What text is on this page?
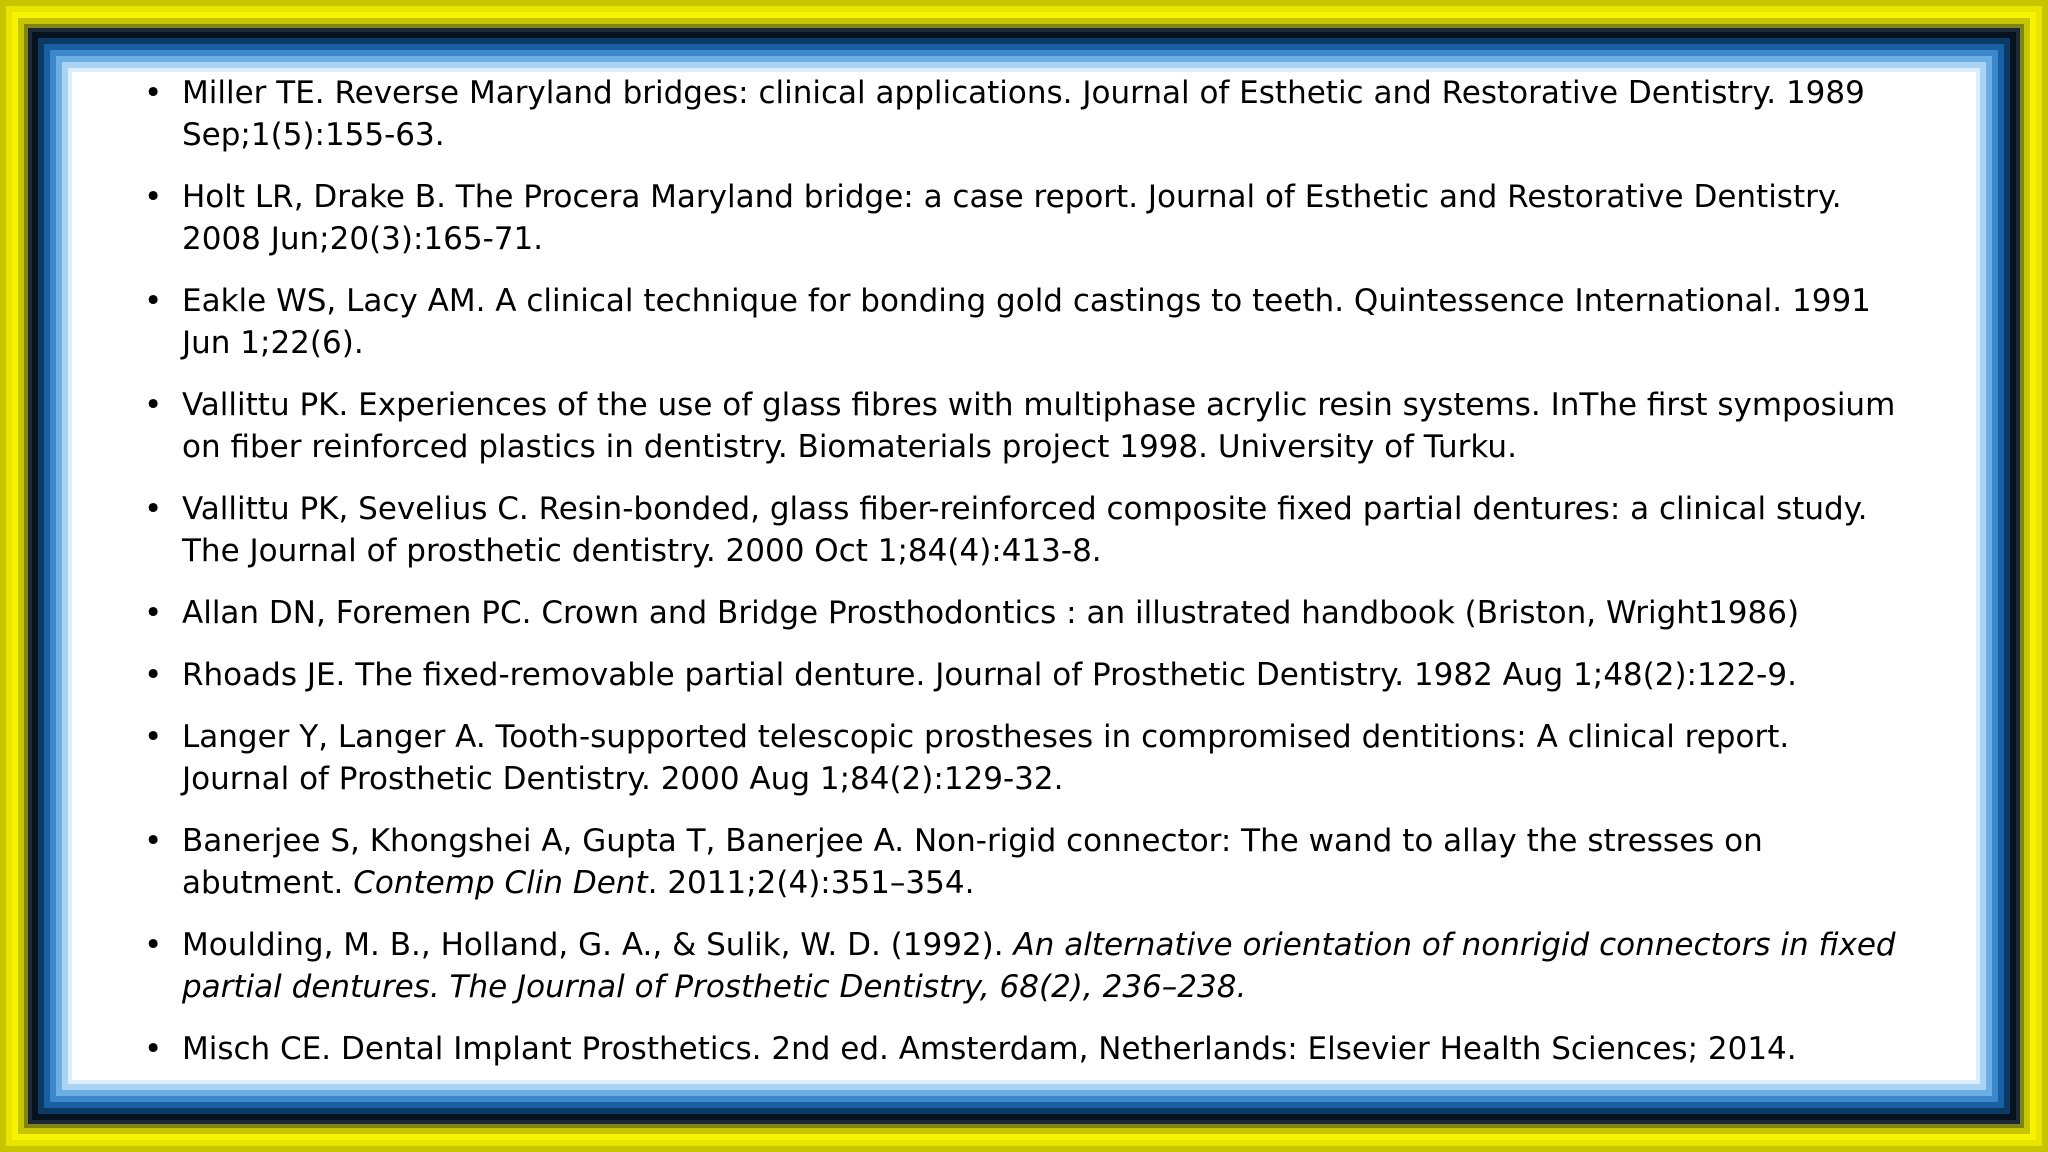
• Miller TE. Reverse Maryland bridges: clinical applications. Journal of Esthetic and Restorative Dentistry. 1989 Sep;1(5):155-63.
• Holt LR, Drake B. The Procera Maryland bridge: a case report. Journal of Esthetic and Restorative Dentistry. 2008 Jun;20(3):165-71.
• Eakle WS, Lacy AM. A clinical technique for bonding gold castings to teeth. Quintessence International. 1991 Jun 1;22(6).
• Vallittu PK. Experiences of the use of glass fibres with multiphase acrylic resin systems. InThe first symposium on fiber reinforced plastics in dentistry. Biomaterials project 1998. University of Turku.
• Vallittu PK, Sevelius C. Resin-bonded, glass fiber-reinforced composite fixed partial dentures: a clinical study. The Journal of prosthetic dentistry. 2000 Oct 1;84(4):413-8.
• Allan DN, Foremen PC. Crown and Bridge Prosthodontics : an illustrated handbook (Briston, Wright1986)
• Rhoads JE. The fixed-removable partial denture. Journal of Prosthetic Dentistry. 1982 Aug 1;48(2):122-9.
• Langer Y, Langer A. Tooth-supported telescopic prostheses in compromised dentitions: A clinical report. Journal of Prosthetic Dentistry. 2000 Aug 1;84(2):129-32.
• Banerjee S, Khongshei A, Gupta T, Banerjee A. Non-rigid connector: The wand to allay the stresses on abutment. Contemp Clin Dent. 2011;2(4):351–354.
• Moulding, M. B., Holland, G. A., & Sulik, W. D. (1992). An alternative orientation of nonrigid connectors in fixed partial dentures. The Journal of Prosthetic Dentistry, 68(2), 236–238.
• Misch CE. Dental Implant Prosthetics. 2nd ed. Amsterdam, Netherlands: Elsevier Health Sciences; 2014.
